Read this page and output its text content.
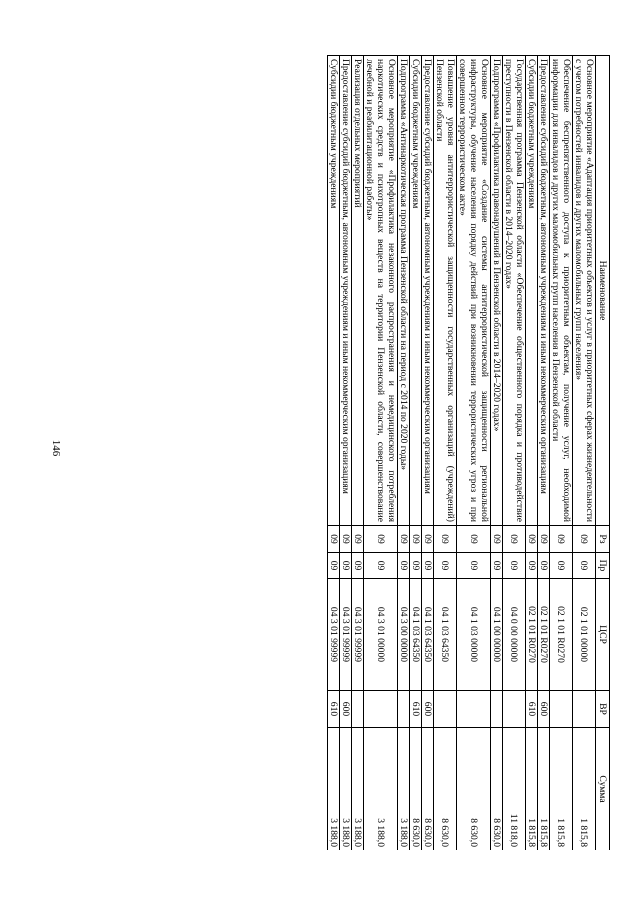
146
Наименование	Рз	Пр	ЦСР	ВР	Сумма
Основное мероприятие «Адаптация приоритетных объектов и услуг в приоритетных сферах жизнедеятельности с учетом потребностей инвалидов и других маломобильных групп населения»	09	09	02 1 01 00000		1 815,8
Обеспечение беспрепятственного доступа к приоритетным объектам, получение услуг, необходимой информации для инвалидов и других маломобильных групп населения в Пензенской области	09	09	02 1 01 R0270		1 815,8
Предоставление субсидий бюджетным, автономным учреждениям и иным некоммерческим организациям	09	09	02 1 01 R0270	600	1 815,8
Субсидии бюджетным учреждениям	09	09	02 1 01 R0270	610	1 815,8
Государственная программа Пензенской области «Обеспечение общественного порядка и противодействие преступности в Пензенской области в 2014–2020 годах»	09	09	04 0 00 00000		11 818,0
Подпрограмма «Профилактика правонарушений в Пензенской области в 2014–2020 годах»	09	09	04 1 00 00000		8 630,0
Основное мероприятие «Создание системы антитеррористической защищенности региональной инфраструктуры, обучение населения порядку действий при возникновении террористических угроз и при совершенном террористическом акте»	09	09	04 1 03 00000		8 630,0
Повышение уровня антитеррористической защищенности государственных организаций (учреждений) Пензенской области	09	09	04 1 03 64350		8 630,0
Предоставление субсидий бюджетным, автономным учреждениям и иным некоммерческим организациям	09	09	04 1 03 64350	600	8 630,0
Субсидии бюджетным учреждениям	09	09	04 1 03 64350	610	8 630,0
Подпрограмма «Антинаркотическая программа Пензенской области на период с 2014 по 2020 годы»	09	09	04 3 00 00000		3 188,0
Основное мероприятие «Профилактика незаконного распространения и немедицинского потребления наркотических средств и психотропных веществ на территории Пензенской области, совершенствование лечебной и реабилитационной работы»	09	09	04 3 01 00000		3 188,0
Реализация отдельных мероприятий	09	09	04 3 01 99999		3 188,0
Предоставление субсидий бюджетным, автономным учреждениям и иным некоммерческим организациям	09	09	04 3 01 99999	600	3 188,0
Субсидии бюджетным учреждениям	09	09	04 3 01 99999	610	3 188,0
